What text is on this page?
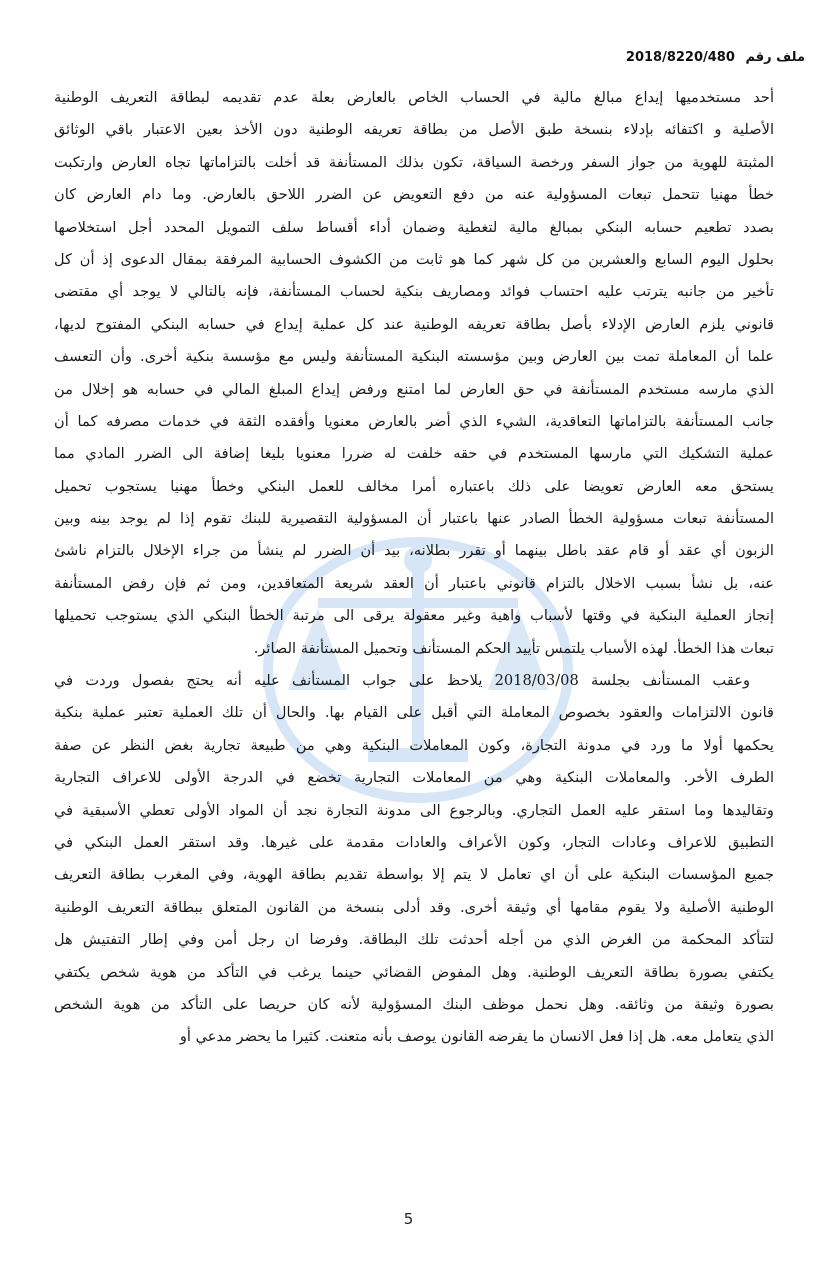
ملف رقم 2018/8220/480
أحد مستخدميها إيداع مبالغ مالية في الحساب الخاص بالعارض بعلة عدم تقديمه لبطاقة التعريف الوطنية
الأصلية و اكتفائه بإدلاء بنسخة طبق الأصل من بطاقة تعريفه الوطنية دون الأخذ بعين الاعتبار باقي الوثائق
المثبتة للهوية من جواز السفر ورخصة السياقة، تكون بذلك المستأنفة قد أخلت بالتزاماتها تجاه العارض وارتكبت
خطأ مهنيا تتحمل تبعات المسؤولية عنه من دفع التعويض عن الضرر اللاحق بالعارض. وما دام العارض كان
بصدد تطعيم حسابه البنكي بمبالغ مالية لتغطية وضمان أداء أقساط سلف التمويل المحدد أجل استخلاصها
بحلول اليوم السابع والعشرين من كل شهر كما هو ثابت من الكشوف الحسابية المرفقة بمقال الدعوى إذ أن كل
تأخير من جانبه يترتب عليه احتساب فوائد ومصاريف بنكية لحساب المستأنفة، فإنه بالتالي لا يوجد أي مقتضى
قانوني يلزم العارض الإدلاء بأصل بطاقة تعريفه الوطنية عند كل عملية إيداع في حسابه البنكي المفتوح لديها،
علما أن المعاملة تمت بين العارض وبين مؤسسته البنكية المستأنفة وليس مع مؤسسة بنكية أخرى. وأن التعسف
الذي مارسه مستخدم المستأنفة في حق العارض لما امتنع ورفض إيداع المبلغ المالي في حسابه هو إخلال من
جانب المستأنفة بالتزاماتها التعاقدية، الشيء الذي أضر بالعارض معنويا وأفقده الثقة في خدمات مصرفه كما أن
عملية التشكيك التي مارسها المستخدم في حقه خلفت له ضررا معنويا بليغا إضافة الى الضرر المادي مما
يستحق معه العارض تعويضا على ذلك باعتباره أمرا مخالف للعمل البنكي وخطأ مهنيا يستجوب تحميل
المستأنفة تبعات مسؤولية الخطأ الصادر عنها باعتبار أن المسؤولية التقصيرية للبنك تقوم إذا لم يوجد بينه وبين
الزبون أي عقد أو قام عقد باطل بينهما أو تقرر بطلانه، بيد أن الضرر لم ينشأ من جراء الإخلال بالتزام ناشئ
عنه، بل نشأ بسبب الاخلال بالتزام قانوني باعتبار أن العقد شريعة المتعاقدين، ومن ثم فإن رفض المستأنفة
إنجاز العملية البنكية في وقتها لأسباب واهية وغير معقولة يرقى الى مرتبة الخطأ البنكي الذي يستوجب تحميلها
تبعات هذا الخطأ. لهذه الأسباب يلتمس تأييد الحكم المستأنف وتحميل المستأنفة الصائر.
وعقب المستأنف بجلسة 2018/03/08 يلاحظ على جواب المستأنف عليه أنه يحتج بفصول وردت في
قانون الالتزامات والعقود بخصوص المعاملة التي أقبل على القيام بها. والحال أن تلك العملية تعتبر عملية بنكية
يحكمها أولا ما ورد في مدونة التجارة، وكون المعاملات البنكية وهي من طبيعة تجارية بغض النظر عن صفة
الطرف الأخر. والمعاملات البنكية وهي من المعاملات التجارية تخضع في الدرجة الأولى للاعراف التجارية
وتقاليدها وما استقر عليه العمل التجاري. وبالرجوع الى مدونة التجارة نجد أن المواد الأولى تعطي الأسبقية في
التطبيق للاعراف وعادات التجار، وكون الأعراف والعادات مقدمة على غيرها. وقد استقر العمل البنكي في
جميع المؤسسات البنكية على أن اي تعامل لا يتم إلا بواسطة تقديم بطاقة الهوية، وفي المغرب بطاقة التعريف
الوطنية الأصلية ولا يقوم مقامها أي وثيقة أخرى. وقد أدلى بنسخة من القانون المتعلق ببطاقة التعريف الوطنية
لتتأكد المحكمة من الغرض الذي من أجله أحدثت تلك البطاقة. وفرضا ان رجل أمن وفي إطار التفتيش هل
يكتفي بصورة بطاقة التعريف الوطنية. وهل المفوض القضائي حينما يرغب في التأكد من هوية شخص يكتفي
بصورة وثيقة من وثائقه. وهل نحمل موظف البنك المسؤولية لأنه كان حريصا على التأكد من هوية الشخص
الذي يتعامل معه. هل إذا فعل الانسان ما يفرضه القانون يوصف بأنه متعنت. كثيرا ما يحضر مدعي أو
5
